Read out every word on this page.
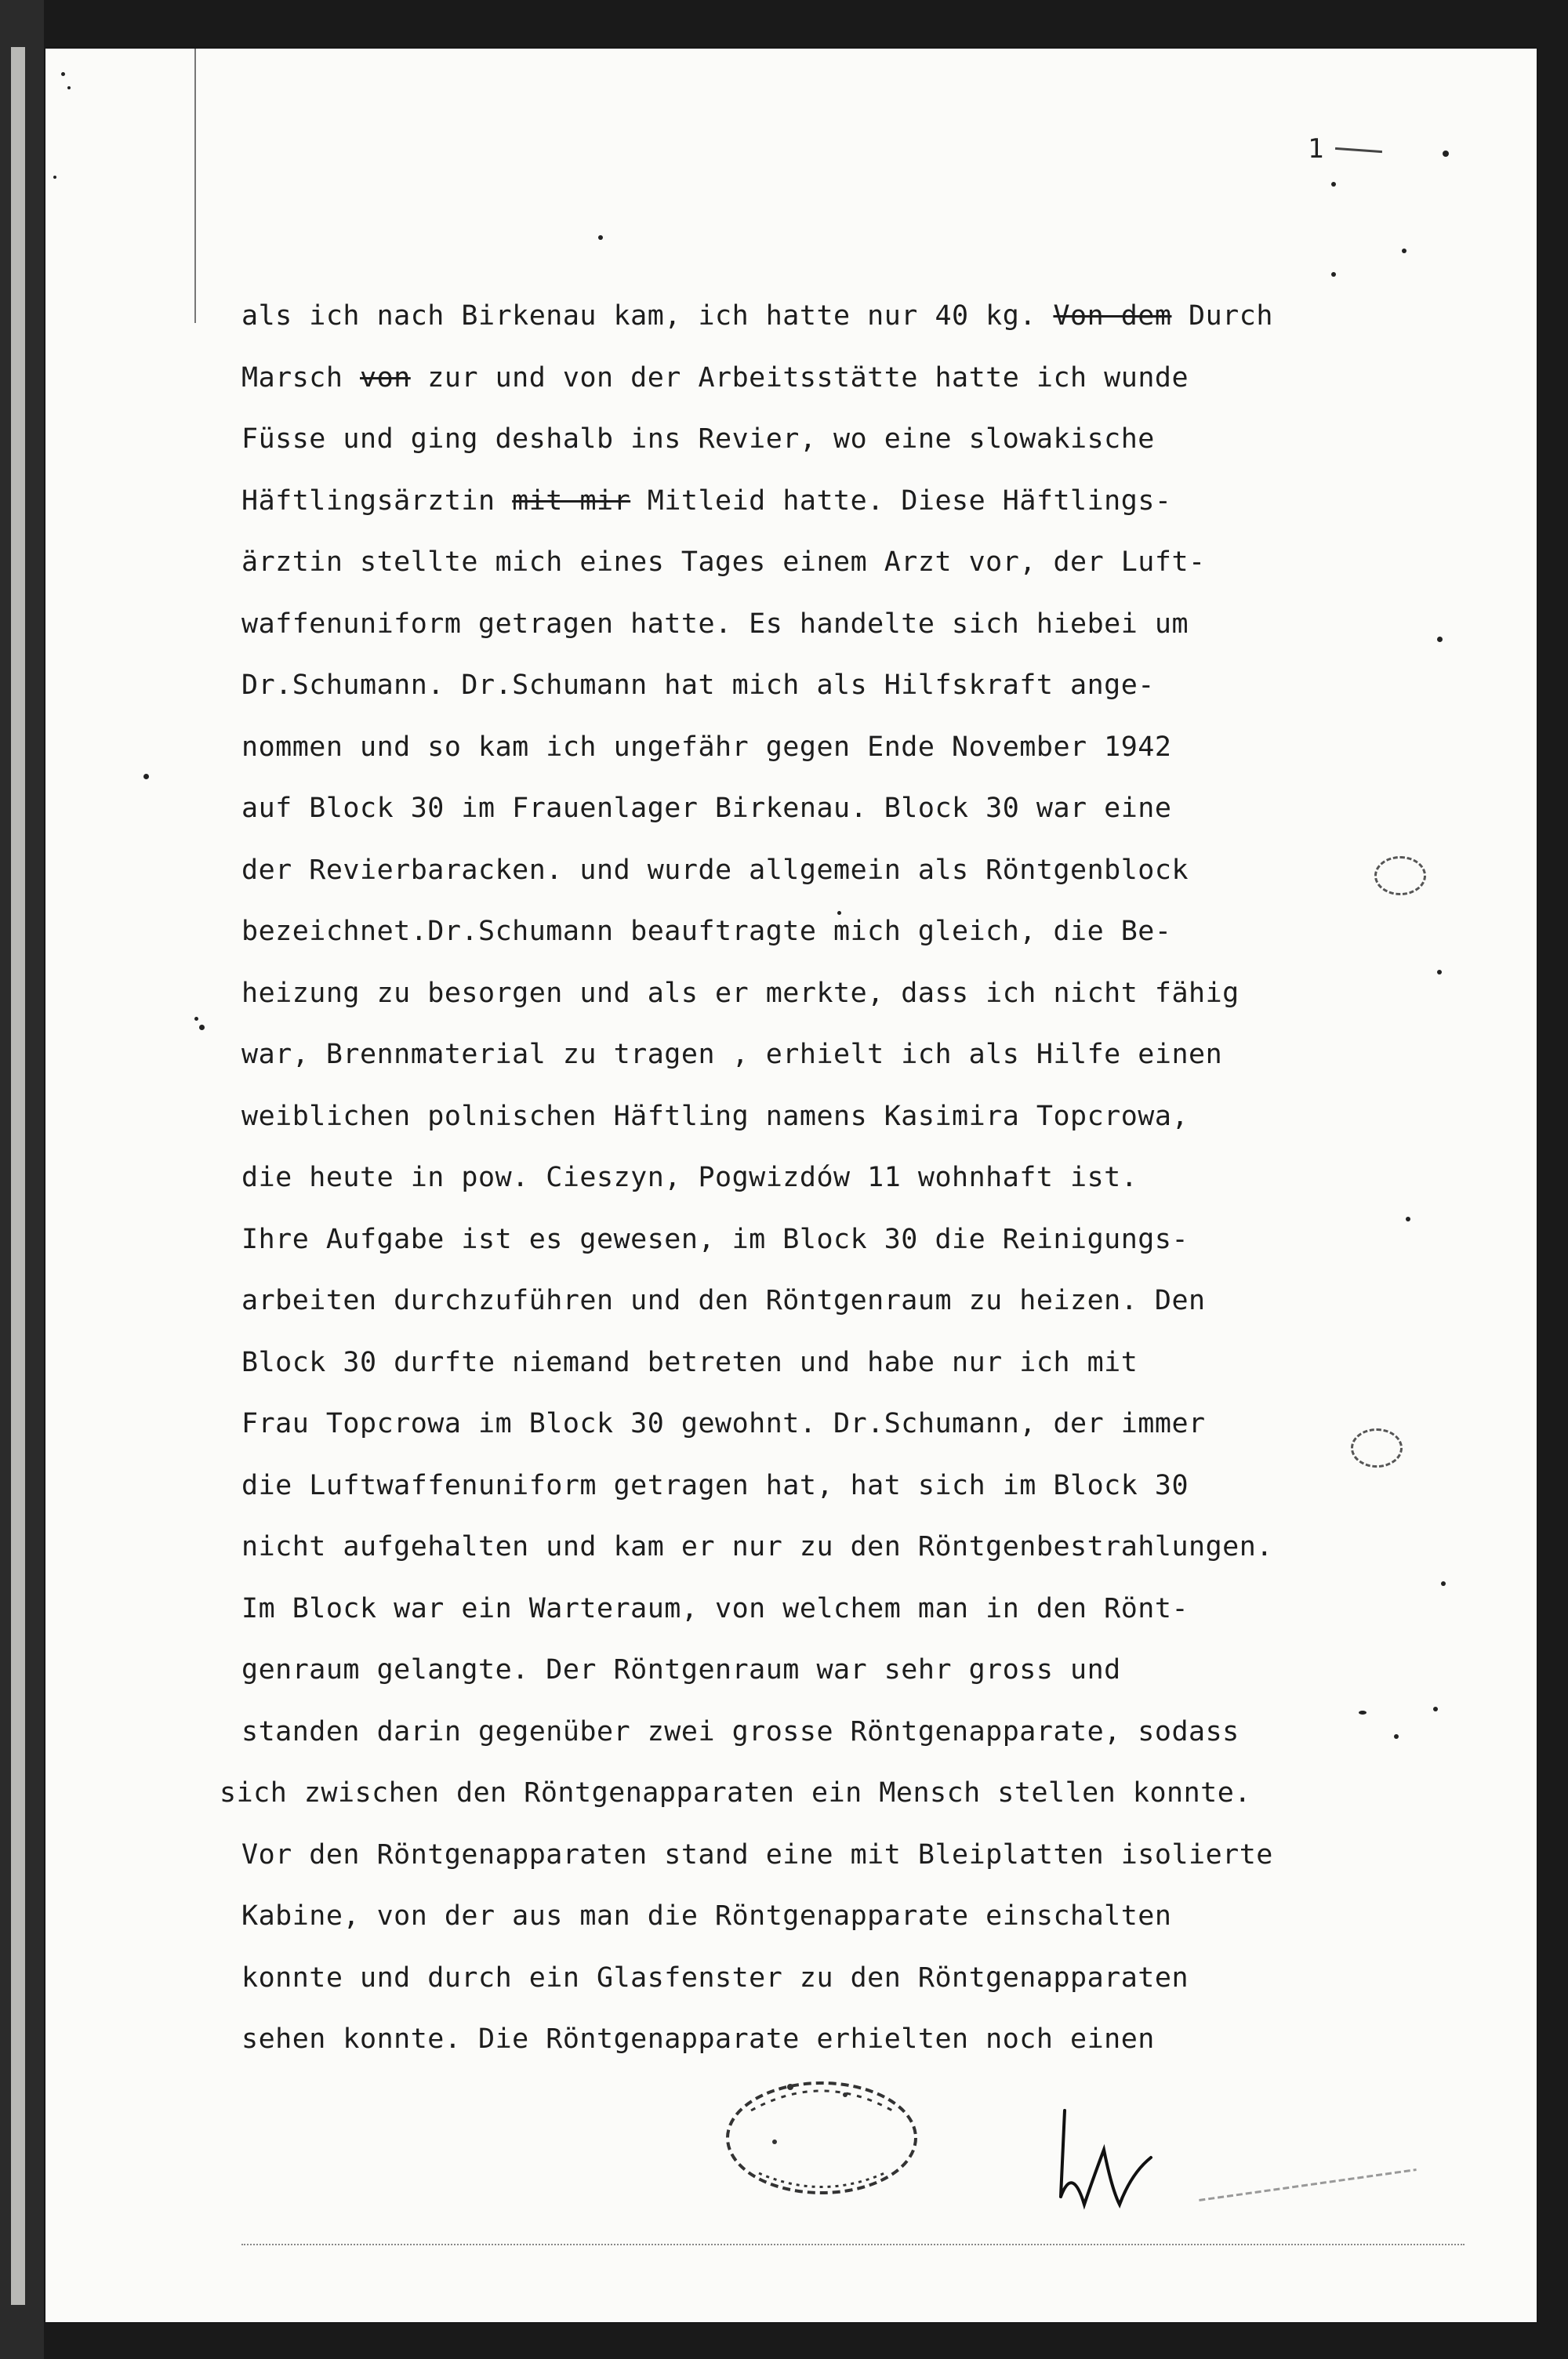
1
als ich nach Birkenau kam, ich hatte nur 40 kg. Von dem Durch
Marsch von zur und von der Arbeitsstätte hatte ich wunde
Füsse und ging deshalb ins Revier, wo eine slowakische
Häftlingsärztin mit mir Mitleid hatte. Diese Häftlings-
ärztin stellte mich eines Tages einem Arzt vor, der Luft-
waffenuniform getragen hatte. Es handelte sich hiebei um
Dr.Schumann. Dr.Schumann hat mich als Hilfskraft ange-
nommen und so kam ich ungefähr gegen Ende November 1942
auf Block 30 im Frauenlager Birkenau. Block 30 war eine
der Revierbaracken. und wurde allgemein als Röntgenblock
bezeichnet.Dr.Schumann beauftragte mich gleich, die Be-
heizung zu besorgen und als er merkte, dass ich nicht fähig
war, Brennmaterial zu tragen , erhielt ich als Hilfe einen
weiblichen polnischen Häftling namens Kasimira Topcrowa,
die heute in pow. Cieszyn, Pogwizdów 11 wohnhaft ist.
Ihre Aufgabe ist es gewesen, im Block 30 die Reinigungs-
arbeiten durchzuführen und den Röntgenraum zu heizen. Den
Block 30 durfte niemand betreten und habe nur ich mit
Frau Topcrowa im Block 30 gewohnt. Dr.Schumann, der immer
die Luftwaffenuniform getragen hat, hat sich im Block 30
nicht aufgehalten und kam er nur zu den Röntgenbestrahlungen.
Im Block war ein Warteraum, von welchem man in den Rönt-
genraum gelangte. Der Röntgenraum war sehr gross und
standen darin gegenüber zwei grosse Röntgenapparate, sodass
sich zwischen den Röntgenapparaten ein Mensch stellen konnte.
Vor den Röntgenapparaten stand eine mit Bleiplatten isolierte
Kabine, von der aus man die Röntgenapparate einschalten
konnte und durch ein Glasfenster zu den Röntgenapparaten
sehen konnte. Die Röntgenapparate erhielten noch einen
